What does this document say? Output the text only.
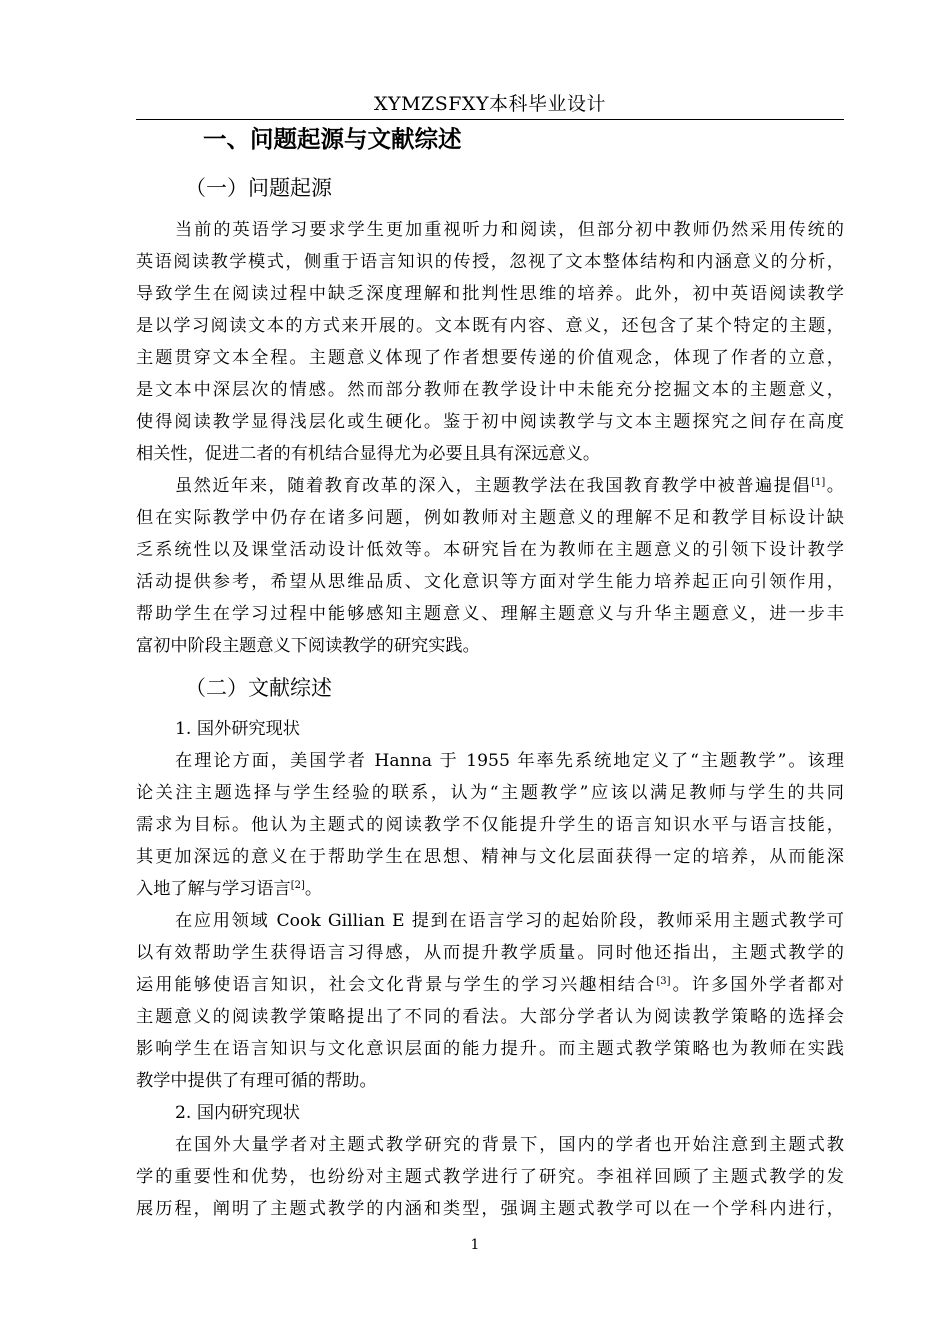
XYMZSFXY本科毕业设计
一、问题起源与文献综述
（一）问题起源
当前的英语学习要求学生更加重视听力和阅读，但部分初中教师仍然采用传统的
英语阅读教学模式，侧重于语言知识的传授，忽视了文本整体结构和内涵意义的分析，
导致学生在阅读过程中缺乏深度理解和批判性思维的培养。此外，初中英语阅读教学
是以学习阅读文本的方式来开展的。文本既有内容、意义，还包含了某个特定的主题，
主题贯穿文本全程。主题意义体现了作者想要传递的价值观念，体现了作者的立意，
是文本中深层次的情感。然而部分教师在教学设计中未能充分挖掘文本的主题意义，
使得阅读教学显得浅层化或生硬化。鉴于初中阅读教学与文本主题探究之间存在高度
相关性，促进二者的有机结合显得尤为必要且具有深远意义。
虽然近年来，随着教育改革的深入，主题教学法在我国教育教学中被普遍提倡[1]。
但在实际教学中仍存在诸多问题，例如教师对主题意义的理解不足和教学目标设计缺
乏系统性以及课堂活动设计低效等。本研究旨在为教师在主题意义的引领下设计教学
活动提供参考，希望从思维品质、文化意识等方面对学生能力培养起正向引领作用，
帮助学生在学习过程中能够感知主题意义、理解主题意义与升华主题意义，进一步丰
富初中阶段主题意义下阅读教学的研究实践。
（二）文献综述
1. 国外研究现状
在理论方面，美国学者 Hanna 于 1955 年率先系统地定义了“主题教学”。该理
论关注主题选择与学生经验的联系，认为“主题教学”应该以满足教师与学生的共同
需求为目标。他认为主题式的阅读教学不仅能提升学生的语言知识水平与语言技能，
其更加深远的意义在于帮助学生在思想、精神与文化层面获得一定的培养，从而能深
入地了解与学习语言[2]。
在应用领域 Cook Gillian E 提到在语言学习的起始阶段，教师采用主题式教学可
以有效帮助学生获得语言习得感，从而提升教学质量。同时他还指出，主题式教学的
运用能够使语言知识，社会文化背景与学生的学习兴趣相结合[3]。许多国外学者都对
主题意义的阅读教学策略提出了不同的看法。大部分学者认为阅读教学策略的选择会
影响学生在语言知识与文化意识层面的能力提升。而主题式教学策略也为教师在实践
教学中提供了有理可循的帮助。
2. 国内研究现状
在国外大量学者对主题式教学研究的背景下，国内的学者也开始注意到主题式教
学的重要性和优势，也纷纷对主题式教学进行了研究。李祖祥回顾了主题式教学的发
展历程，阐明了主题式教学的内涵和类型，强调主题式教学可以在一个学科内进行，
1
